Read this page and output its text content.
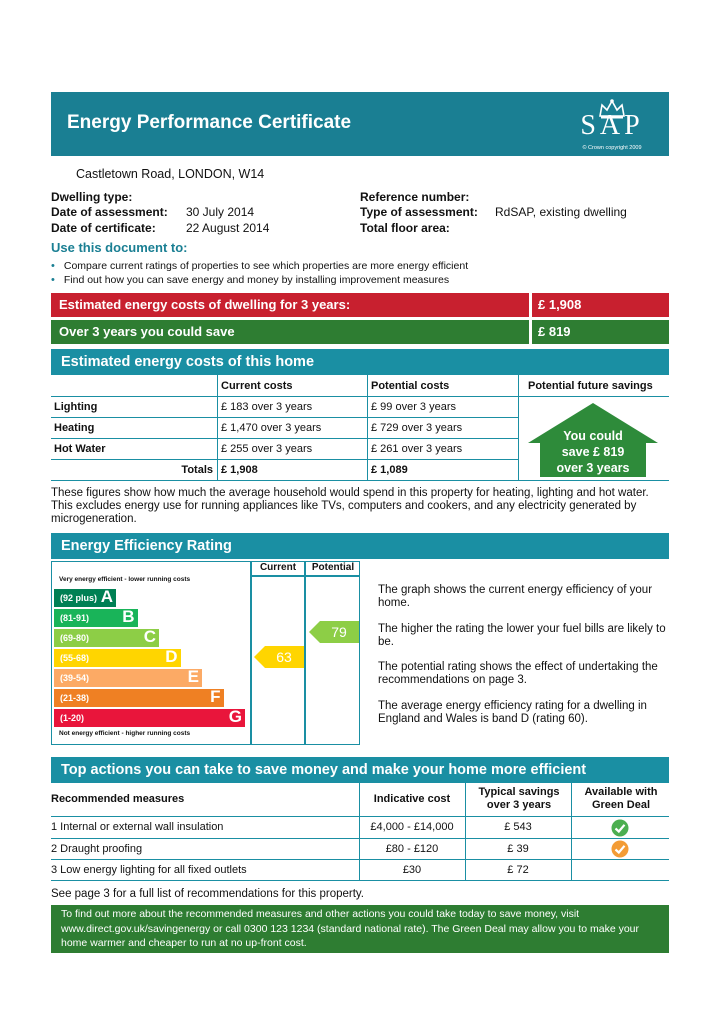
Energy Performance Certificate	SAP
© Crown copyright 2009
Castletown Road, LONDON, W14
Dwelling type:
Date of assessment: 30 July 2014
Date of certificate:	22 August 2014
Reference number:
Type of assessment: RdSAP, existing dwelling
Total floor area:
Use this document to:
• Compare current ratings of properties to see which properties are more energy efficient
• Find out how you can save energy and money by installing improvement measures
Estimated energy costs of dwelling for 3 years:	£ 1,908
Over 3 years you could save	£ 819
Estimated energy costs of this home
Current costs	Potential costs	Potential future savings
Lighting	£ 183 over 3 years	£ 99 over 3 years
Heating	£ 1,470 over 3 years	£ 729 over 3 years
Hot Water	£ 255 over 3 years	£ 261 over 3 years
Totals £ 1,908	£ 1,089
You could
save £ 819
over 3 years
These figures show how much the average household would spend in this property for heating, lighting and hot water. This excludes energy use for running appliances like TVs, computers and cookers, and any electricity generated by microgeneration.
Energy Efficiency Rating
Current	Potential
Very energy efficient - lower running costs
Not energy efficient - higher running costs
(92 plus) A
(81-91) B
(69-80)	C
(55-68)	D
(39-54)	E
(21-38)	F
(1-20)	G
63
79
The graph shows the current energy efficiency of your home.
The higher the rating the lower your fuel bills are likely to be.
The potential rating shows the effect of undertaking the recommendations on page 3.
The average energy efficiency rating for a dwelling in England and Wales is band D (rating 60).
Top actions you can take to save money and make your home more efficient
Recommended measures	Indicative cost
Typical savings over 3 years
Available with Green Deal
1 Internal or external wall insulation	£4,000 - £14,000	£ 543
2 Draught proofing	£80 - £120	£ 39
3 Low energy lighting for all fixed outlets	£30	£ 72
See page 3 for a full list of recommendations for this property.
To find out more about the recommended measures and other actions you could take today to save money, visit www.direct.gov.uk/savingenergy or call 0300 123 1234 (standard national rate). The Green Deal may allow you to make your home warmer and cheaper to run at no up-front cost.
